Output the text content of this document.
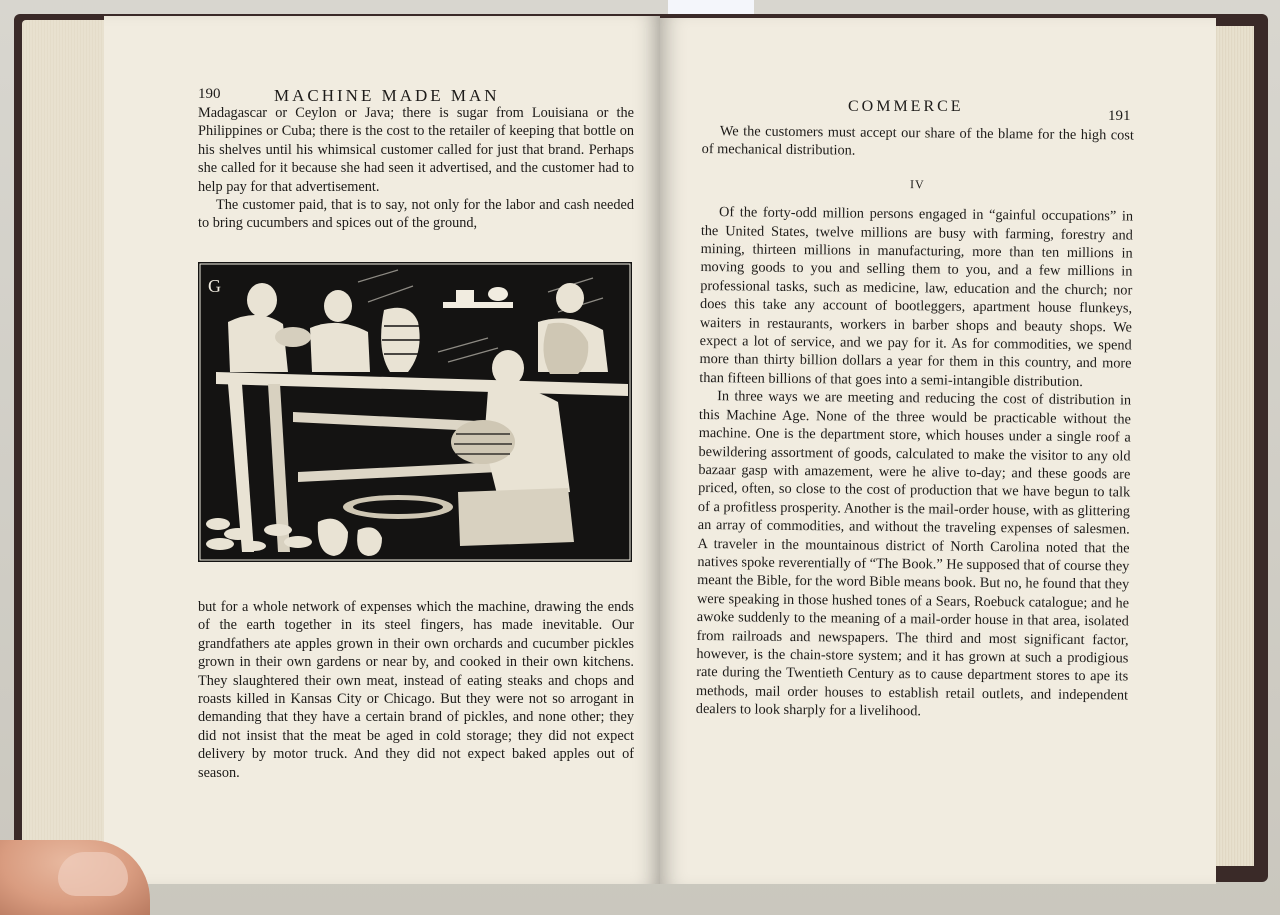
190	MACHINE MADE MAN

Madagascar or Ceylon or Java; there is sugar from Louisiana or the Philippines or Cuba; there is the cost to the retailer of keeping that bottle on his shelves until his whimsical customer called for just that brand. Perhaps she called for it because she had seen it advertised, and the customer had to help pay for that advertisement.

The customer paid, that is to say, not only for the labor and cash needed to bring cucumbers and spices out of the ground,

G

but for a whole network of expenses which the machine, drawing the ends of the earth together in its steel fingers, has made inevitable. Our grandfathers ate apples grown in their own orchards and cucumber pickles grown in their own gardens or near by, and cooked in their own kitchens. They slaughtered their own meat, instead of eating steaks and chops and roasts killed in Kansas City or Chicago. But they were not so arrogant in demanding that they have a certain brand of pickles, and none other; they did not insist that the meat be aged in cold storage; they did not expect delivery by motor truck. And they did not expect baked apples out of season.

COMMERCE
191

We the customers must accept our share of the blame for the high cost of mechanical distribution.

IV

Of the forty-odd million persons engaged in “gainful occupations” in the United States, twelve millions are busy with farming, forestry and mining, thirteen millions in manufacturing, more than ten millions in moving goods to you and selling them to you, and a few millions in professional tasks, such as medicine, law, education and the church; nor does this take any account of bootleggers, apartment house flunkeys, waiters in restaurants, workers in barber shops and beauty shops. We expect a lot of service, and we pay for it. As for commodities, we spend more than thirty billion dollars a year for them in this country, and more than fifteen billions of that goes into a semi-intangible distribution.

In three ways we are meeting and reducing the cost of distribution in this Machine Age. None of the three would be practicable without the machine. One is the department store, which houses under a single roof a bewildering assortment of goods, calculated to make the visitor to any old bazaar gasp with amazement, were he alive to-day; and these goods are priced, often, so close to the cost of production that we have begun to talk of a profitless prosperity. Another is the mail-order house, with as glittering an array of commodities, and without the traveling expenses of salesmen. A traveler in the mountainous district of North Carolina noted that the natives spoke reverentially of “The Book.” He supposed that of course they meant the Bible, for the word Bible means book. But no, he found that they were speaking in those hushed tones of a Sears, Roebuck catalogue; and he awoke suddenly to the meaning of a mail-order house in that area, isolated from railroads and newspapers. The third and most significant factor, however, is the chain-store system; and it has grown at such a prodigious rate during the Twentieth Century as to cause department stores to ape its methods, mail order houses to establish retail outlets, and independent dealers to look sharply for a livelihood.
